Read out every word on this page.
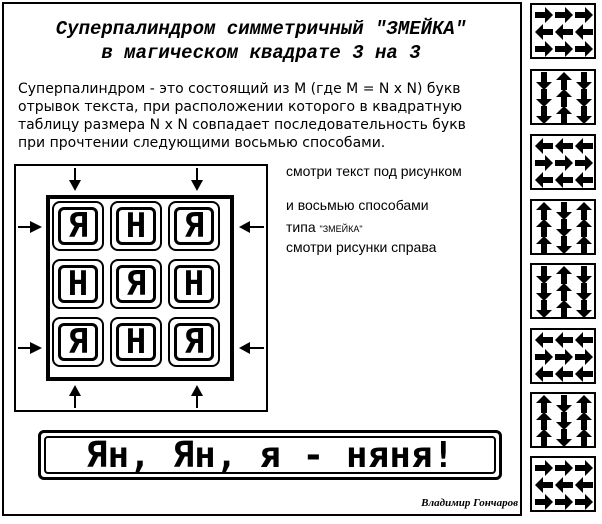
Суперпалиндром симметричный "ЗМЕЙКА"
в магическом квадрате 3 на 3
Суперпалиндром - это состоящий из M (где M = N x N) букв
отрывок текста, при расположении которого в квадратную
таблицу размера N x N совпадает последовательность букв
при прочтении следующими восьмью способами.
смотри текст под рисунком
и восьмью способами
типа "ЗМЕЙКА"
смотри рисунки справа
Я Н Я
Н Я Н
Я Н Я
Ян, Ян, я - няня!
Владимир Гончаров
